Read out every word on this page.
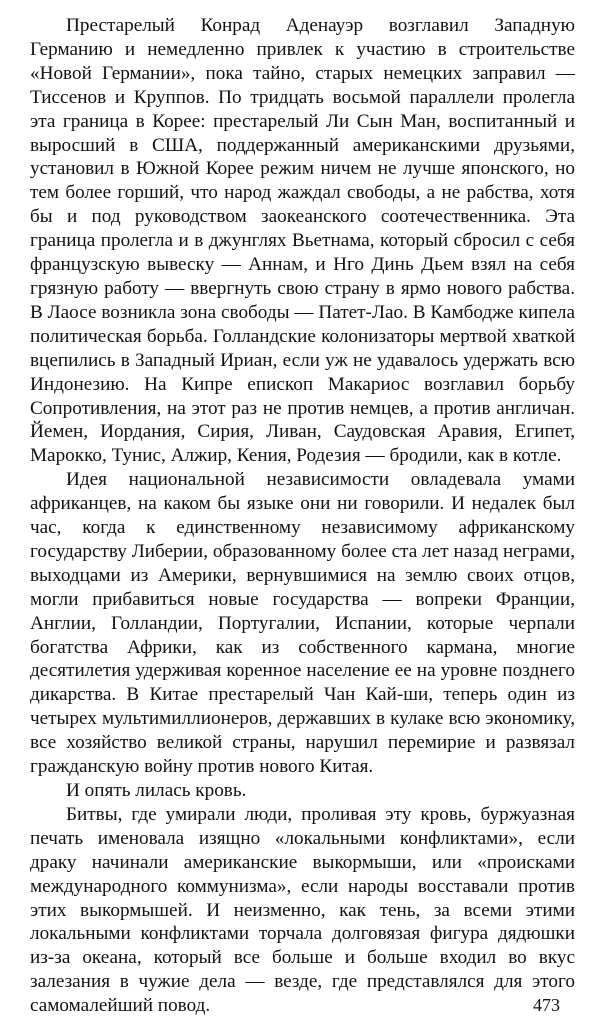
Престарелый Конрад Аденауэр возглавил Западную Германию и немедленно привлек к участию в строительстве «Новой Германии», пока тайно, старых немецких заправил — Тиссенов и Круппов. По тридцать восьмой параллели пролегла эта граница в Корее: престарелый Ли Сын Ман, воспитанный и выросший в США, поддержанный американскими друзьями, установил в Южной Корее режим ничем не лучше японского, но тем более горший, что народ жаждал свободы, а не рабства, хотя бы и под руководством заокеанского соотечественника. Эта граница пролегла и в джунглях Вьетнама, который сбросил с себя французскую вывеску — Аннам, и Нго Динь Дьем взял на себя грязную работу — ввергнуть свою страну в ярмо нового рабства. В Лаосе возникла зона свободы — Патет-Лао. В Камбодже кипела политическая борьба. Голландские колонизаторы мертвой хваткой вцепились в Западный Ириан, если уж не удавалось удержать всю Индонезию. На Кипре епископ Макариос возглавил борьбу Сопротивления, на этот раз не против немцев, а против англичан. Йемен, Иордания, Сирия, Ливан, Саудовская Аравия, Египет, Марокко, Тунис, Алжир, Кения, Родезия — бродили, как в котле.

Идея национальной независимости овладевала умами африканцев, на каком бы языке они ни говорили. И недалек был час, когда к единственному независимому африканскому государству Либерии, образованному более ста лет назад неграми, выходцами из Америки, вернувшимися на землю своих отцов, могли прибавиться новые государства — вопреки Франции, Англии, Голландии, Португалии, Испании, которые черпали богатства Африки, как из собственного кармана, многие десятилетия удерживая коренное население ее на уровне позднего дикарства. В Китае престарелый Чан Кай-ши, теперь один из четырех мультимиллионеров, державших в кулаке всю экономику, все хозяйство великой страны, нарушил перемирие и развязал гражданскую войну против нового Китая.

И опять лилась кровь.

Битвы, где умирали люди, проливая эту кровь, буржуазная печать именовала изящно «локальными конфликтами», если драку начинали американские выкормыши, или «происками международного коммунизма», если народы восставали против этих выкормышей. И неизменно, как тень, за всеми этими локальными конфликтами торчала долговязая фигура дядюшки из-за океана, который все больше и больше входил во вкус залезания в чужие дела — везде, где представлялся для этого самомалейший повод.	473
